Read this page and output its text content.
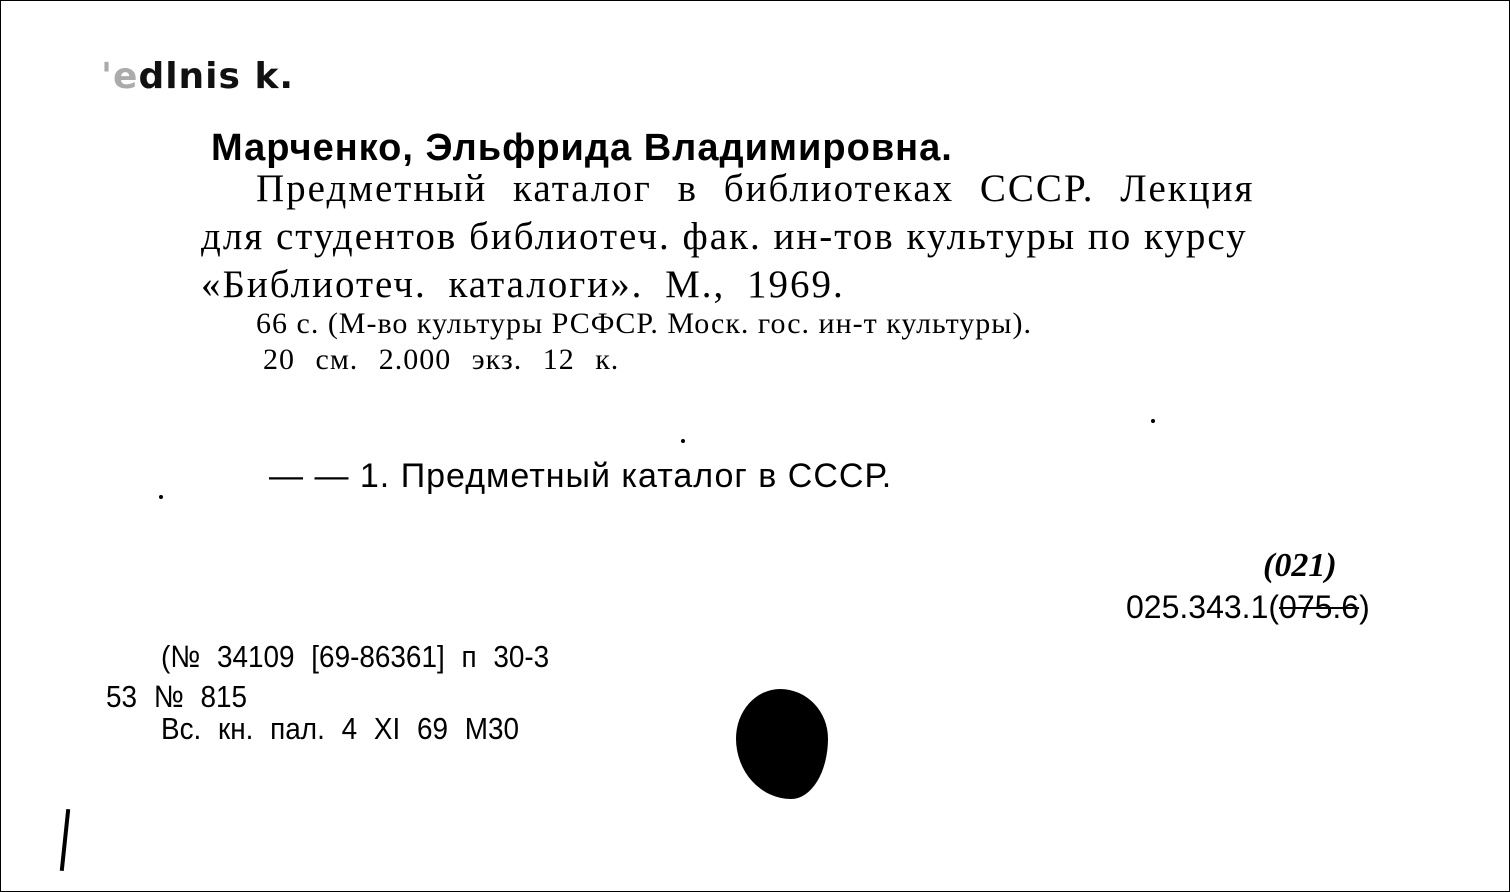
'edlnis k.
Марченко, Эльфрида Владимировна.
Предметный каталог в библиотеках СССР. Лекция
для студентов библиотеч. фак. ин-тов культуры по курсу
«Библиотеч. каталоги». М., 1969.
66 с. (М-во культуры РСФСР. Моск. гос. ин-т культуры).
20 см. 2.000 экз. 12 к.
— — 1. Предметный каталог в СССР.
(021)
025.343.1(075.6)
(№ 34109 [69-86361] п 30-3
53 № 815
Вс. кн. пал. 4 XI 69 М30
